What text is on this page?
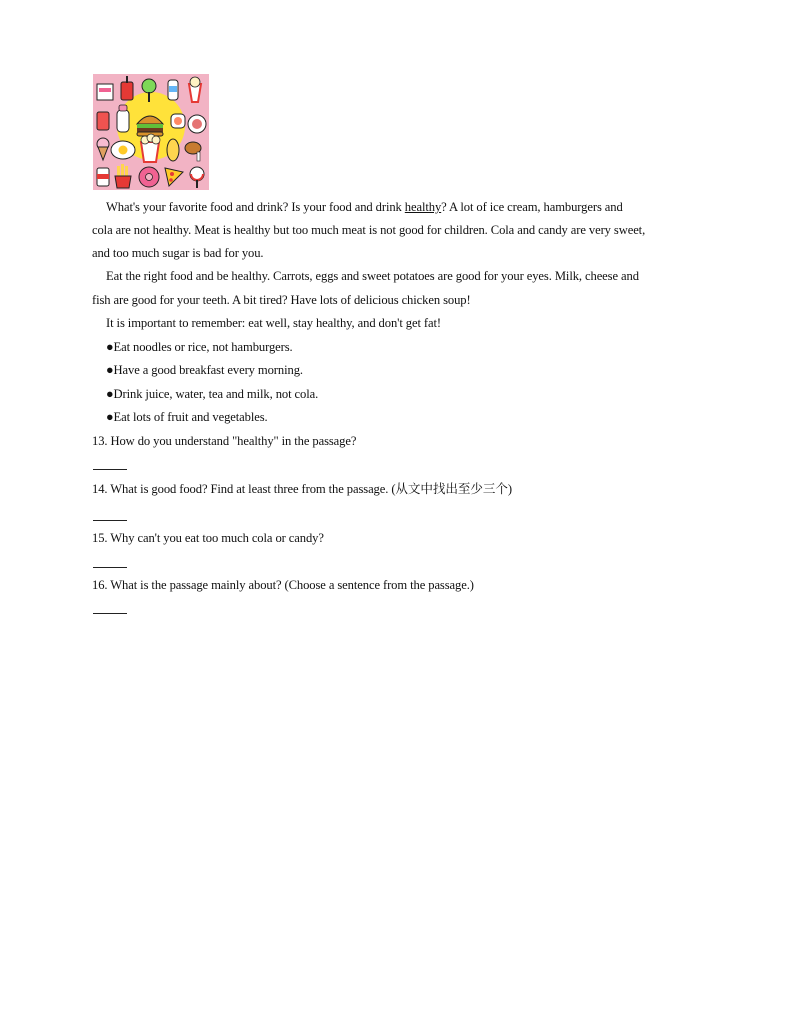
What's your favorite food and drink? Is your food and drink healthy? A lot of ice cream, hamburgers and
cola are not healthy. Meat is healthy but too much meat is not good for children. Cola and candy are very sweet,
and too much sugar is bad for you.
Eat the right food and be healthy. Carrots, eggs and sweet potatoes are good for your eyes. Milk, cheese and
fish are good for your teeth. A bit tired? Have lots of delicious chicken soup!
It is important to remember: eat well, stay healthy, and don't get fat!
●Eat noodles or rice, not hamburgers.
●Have a good breakfast every morning.
●Drink juice, water, tea and milk, not cola.
●Eat lots of fruit and vegetables.
13. How do you understand "healthy" in the passage?
14. What is good food? Find at least three from the passage. (从文中找出至少三个)
15. Why can't you eat too much cola or candy?
16. What is the passage mainly about? (Choose a sentence from the passage.)
